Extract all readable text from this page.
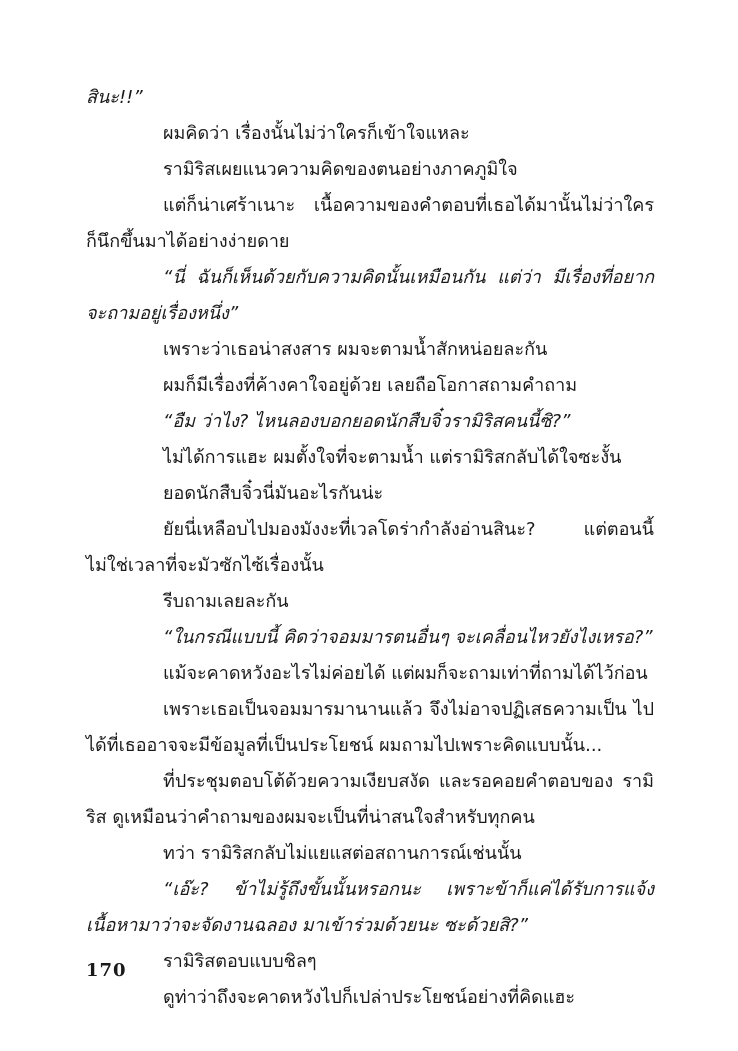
สินะ!!”

ผมคิดว่า เรื่องนั้นไม่ว่าใครก็เข้าใจแหละ

รามิริสเผยแนวความคิดของตนอย่างภาคภูมิใจ

แต่ก็น่าเศร้าเนาะ เนื้อความของคำตอบที่เธอได้มานั้นไม่ว่าใคร ก็นึกขึ้นมาได้อย่างง่ายดาย

“นี่ ฉันก็เห็นด้วยกับความคิดนั้นเหมือนกัน แต่ว่า มีเรื่องที่อยาก จะถามอยู่เรื่องหนึ่ง”

เพราะว่าเธอน่าสงสาร ผมจะตามน้ำสักหน่อยละกัน

ผมก็มีเรื่องที่ค้างคาใจอยู่ด้วย เลยถือโอกาสถามคำถาม

“อืม ว่าไง? ไหนลองบอกยอดนักสืบจิ๋วรามิริสคนนี้ซิ?”

ไม่ได้การแฮะ ผมตั้งใจที่จะตามน้ำ แต่รามิริสกลับได้ใจซะงั้น

ยอดนักสืบจิ๋วนี่มันอะไรกันน่ะ

ยัยนี่เหลือบไปมองมังงะที่เวลโดร่ากำลังอ่านสินะ? แต่ตอนนี้ ไม่ใช่เวลาที่จะมัวซักไซ้เรื่องนั้น

รีบถามเลยละกัน

“ในกรณีแบบนี้ คิดว่าจอมมารตนอื่นๆ จะเคลื่อนไหวยังไงเหรอ?”

แม้จะคาดหวังอะไรไม่ค่อยได้ แต่ผมก็จะถามเท่าที่ถามได้ไว้ก่อน

เพราะเธอเป็นจอมมารมานานแล้ว จึงไม่อาจปฏิเสธความเป็น ไปได้ที่เธออาจจะมีข้อมูลที่เป็นประโยชน์ ผมถามไปเพราะคิดแบบนั้น...

ที่ประชุมตอบโต้ด้วยความเงียบสงัด และรอคอยคำตอบของ รามิริส ดูเหมือนว่าคำถามของผมจะเป็นที่น่าสนใจสำหรับทุกคน

ทว่า รามิริสกลับไม่แยแสต่อสถานการณ์เช่นนั้น

“เอ๊ะ? ข้าไม่รู้ถึงขั้นนั้นหรอกนะ เพราะข้าก็แค่ได้รับการแจ้ง เนื้อหามาว่าจะจัดงานฉลอง มาเข้าร่วมด้วยนะ ซะด้วยสิ?”

รามิริสตอบแบบชิลๆ

ดูท่าว่าถึงจะคาดหวังไปก็เปล่าประโยชน์อย่างที่คิดแฮะ

170
